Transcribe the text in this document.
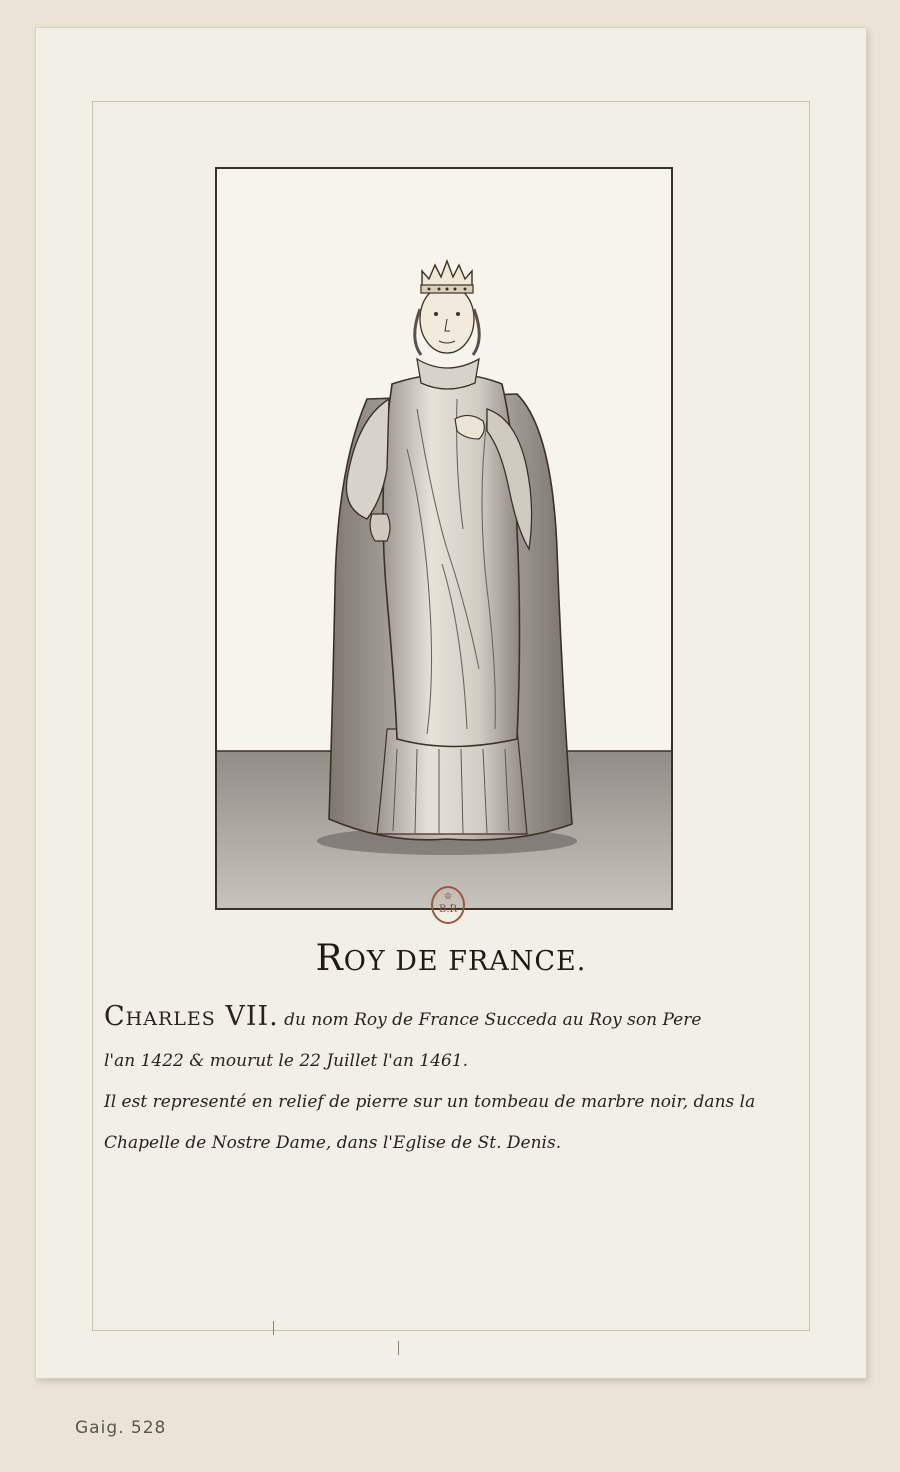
♔
B.R
ROY DE FRANCE.
Charles VII. du nom Roy de France Succeda au Roy son Pere
l'an 1422 & mourut le 22 Juillet l'an 1461.
Il est representé en relief de pierre sur un tombeau de marbre noir, dans la
Chapelle de Nostre Dame, dans l'Eglise de St. Denis.
Gaig. 528
